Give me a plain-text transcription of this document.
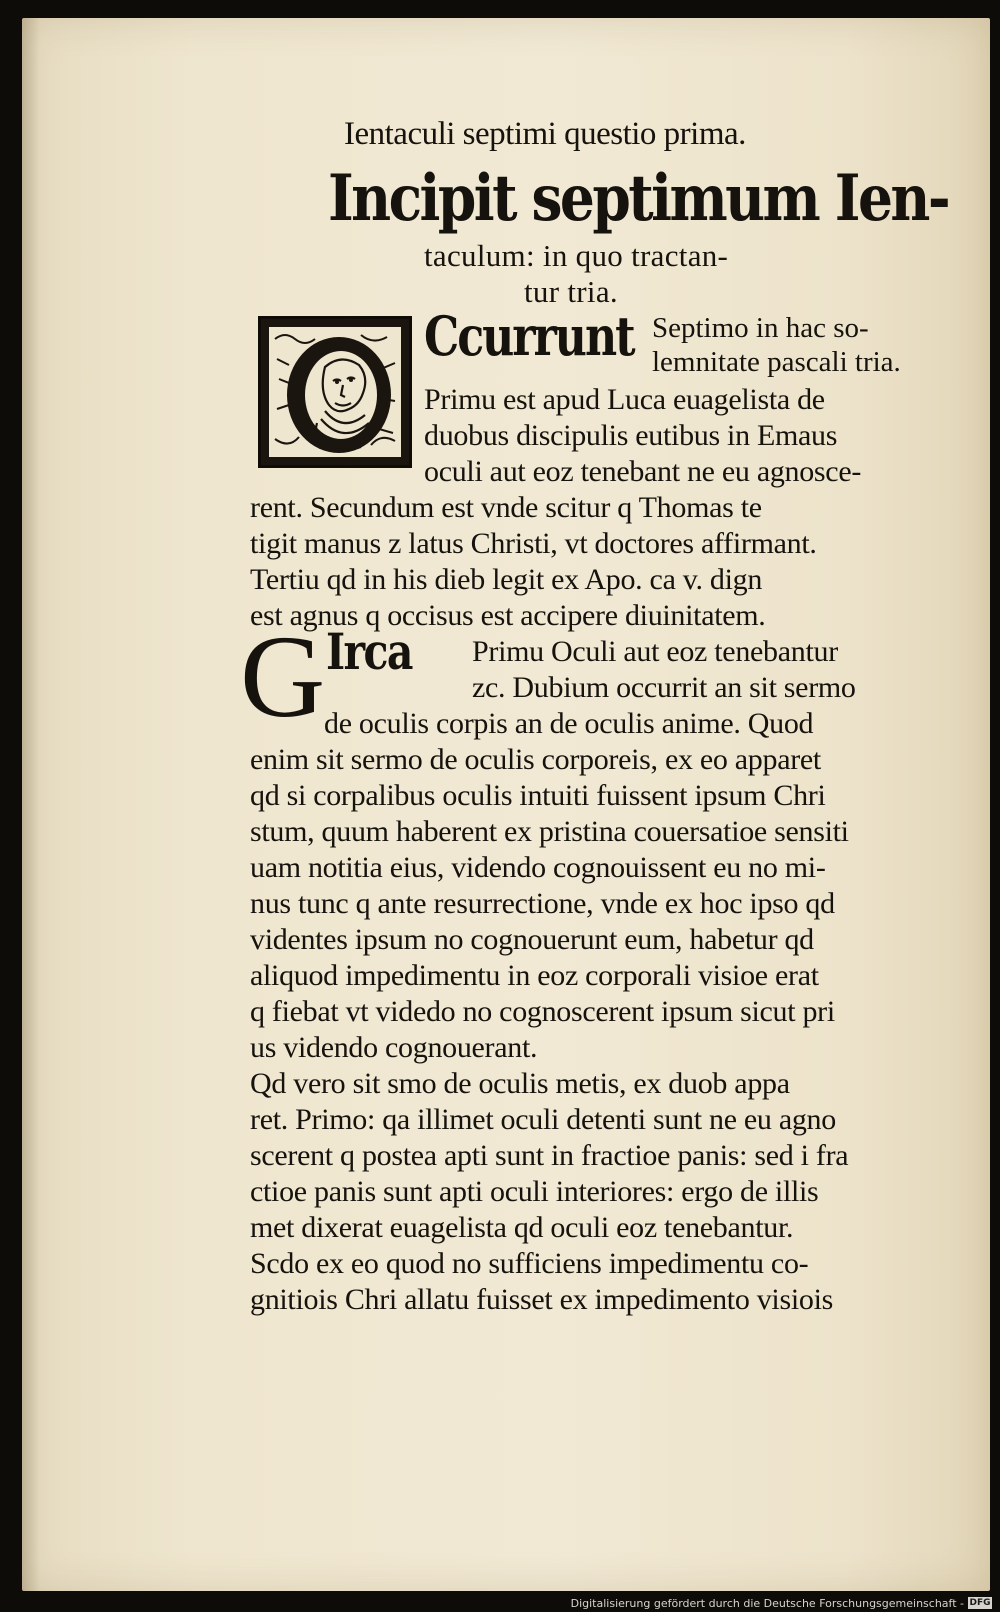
Ientaculi septimi questio prima.

Incipit septimum Ien-

taculum: in quo tractan-

tur tria.

Ccurrunt Septimo in hac so-

lemnitate pascali tria.

Primu est apud Luca euagelista de

duobus discipulis eutibus in Emaus

oculi aut eoz tenebant ne eu agnosce-

rent. Secundum est vnde scitur q Thomas te

tigit manus z latus Christi, vt doctores affirmant.

Tertiu qd in his dieb legit ex Apo. ca v. dign

est agnus q occisus est accipere diuinitatem.

G Irca Primu Oculi aut eoz tenebantur

zc. Dubium occurrit an sit sermo

de oculis corpis an de oculis anime. Quod

enim sit sermo de oculis corporeis, ex eo apparet

qd si corpalibus oculis intuiti fuissent ipsum Chri

stum, quum haberent ex pristina couersatioe sensiti

uam notitia eius, videndo cognouissent eu no mi-

nus tunc q ante resurrectione, vnde ex hoc ipso qd

videntes ipsum no cognouerunt eum, habetur qd

aliquod impedimentu in eoz corporali visioe erat

q fiebat vt videdo no cognoscerent ipsum sicut pri

us videndo cognouerant.

Qd vero sit smo de oculis metis, ex duob appa

ret. Primo: qa illimet oculi detenti sunt ne eu agno

scerent q postea apti sunt in fractioe panis: sed i fra

ctioe panis sunt apti oculi interiores: ergo de illis

met dixerat euagelista qd oculi eoz tenebantur.

Scdo ex eo quod no sufficiens impedimentu co-

gnitiois Chri allatu fuisset ex impedimento visiois

Digitalisierung gefördert durch die Deutsche Forschungsgemeinschaft - DFG
